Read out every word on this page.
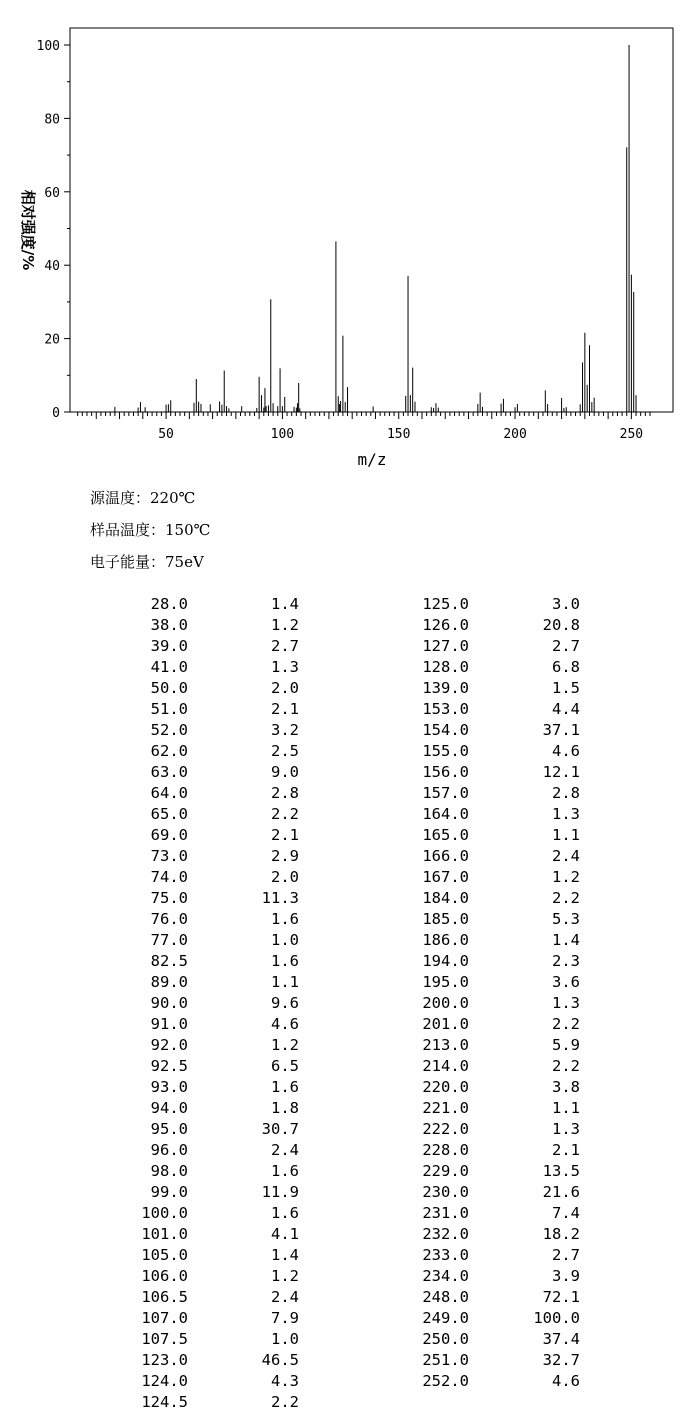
50	100	150	200	250
0
20
40
60
80
100
m/z
相对强度/%
源温度：220℃
样品温度：150℃
电子能量：75eV
28.0	1.4
38.0	1.2
39.0	2.7
41.0	1.3
50.0	2.0
51.0	2.1
52.0	3.2
62.0	2.5
63.0	9.0
64.0	2.8
65.0	2.2
69.0	2.1
73.0	2.9
74.0	2.0
75.0	11.3
76.0	1.6
77.0	1.0
82.5	1.6
89.0	1.1
90.0	9.6
91.0	4.6
92.0	1.2
92.5	6.5
93.0	1.6
94.0	1.8
95.0	30.7
96.0	2.4
98.0	1.6
99.0	11.9
100.0	1.6
101.0	4.1
105.0	1.4
106.0	1.2
106.5	2.4
107.0	7.9
107.5	1.0
123.0	46.5
124.0	4.3
124.5	2.2
125.0	3.0
126.0	20.8
127.0	2.7
128.0	6.8
139.0	1.5
153.0	4.4
154.0	37.1
155.0	4.6
156.0	12.1
157.0	2.8
164.0	1.3
165.0	1.1
166.0	2.4
167.0	1.2
184.0	2.2
185.0	5.3
186.0	1.4
194.0	2.3
195.0	3.6
200.0	1.3
201.0	2.2
213.0	5.9
214.0	2.2
220.0	3.8
221.0	1.1
222.0	1.3
228.0	2.1
229.0	13.5
230.0	21.6
231.0	7.4
232.0	18.2
233.0	2.7
234.0	3.9
248.0	72.1
249.0	100.0
250.0	37.4
251.0	32.7
252.0	4.6
